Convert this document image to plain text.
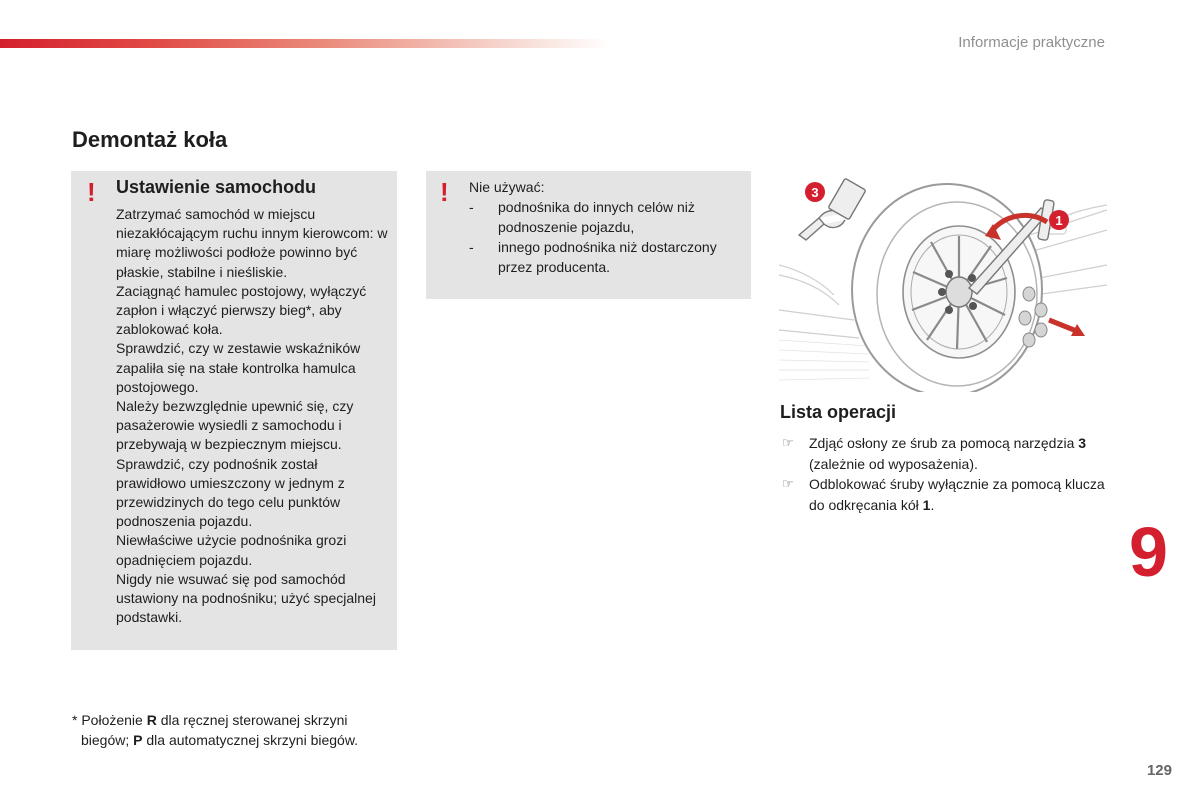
Informacje praktyczne
Demontaż koła
! Ustawienie samochodu

Zatrzymać samochód w miejscu niezakłócającym ruchu innym kierowcom: w miarę możliwości podłoże powinno być płaskie, stabilne i nieśliskie.

Zaciągnąć hamulec postojowy, wyłączyć zapłon i włączyć pierwszy bieg*, aby zablokować koła.

Sprawdzić, czy w zestawie wskaźników zapaliła się na stałe kontrolka hamulca postojowego.

Należy bezwzględnie upewnić się, czy pasażerowie wysiedli z samochodu i przebywają w bezpiecznym miejscu.

Sprawdzić, czy podnośnik został prawidłowo umieszczony w jednym z przewidzinych do tego celu punktów podnoszenia pojazdu.

Niewłaściwe użycie podnośnika grozi opadnięciem pojazdu.

Nigdy nie wsuwać się pod samochód ustawiony na podnośniku; użyć specjalnej podstawki.

! Nie używać:

- podnośnika do innych celów niż podnoszenie pojazdu,
- innego podnośnika niż dostarczony przez producenta.
3
1
Lista operacji
☞ Zdjąć osłony ze śrub za pomocą narzędzia 3 (zależnie od wyposażenia).
☞ Odblokować śruby wyłącznie za pomocą klucza do odkręcania kół 1.
9

* Położenie R dla ręcznej sterowanej skrzyni

biegów; P dla automatycznej skrzyni biegów.

129
